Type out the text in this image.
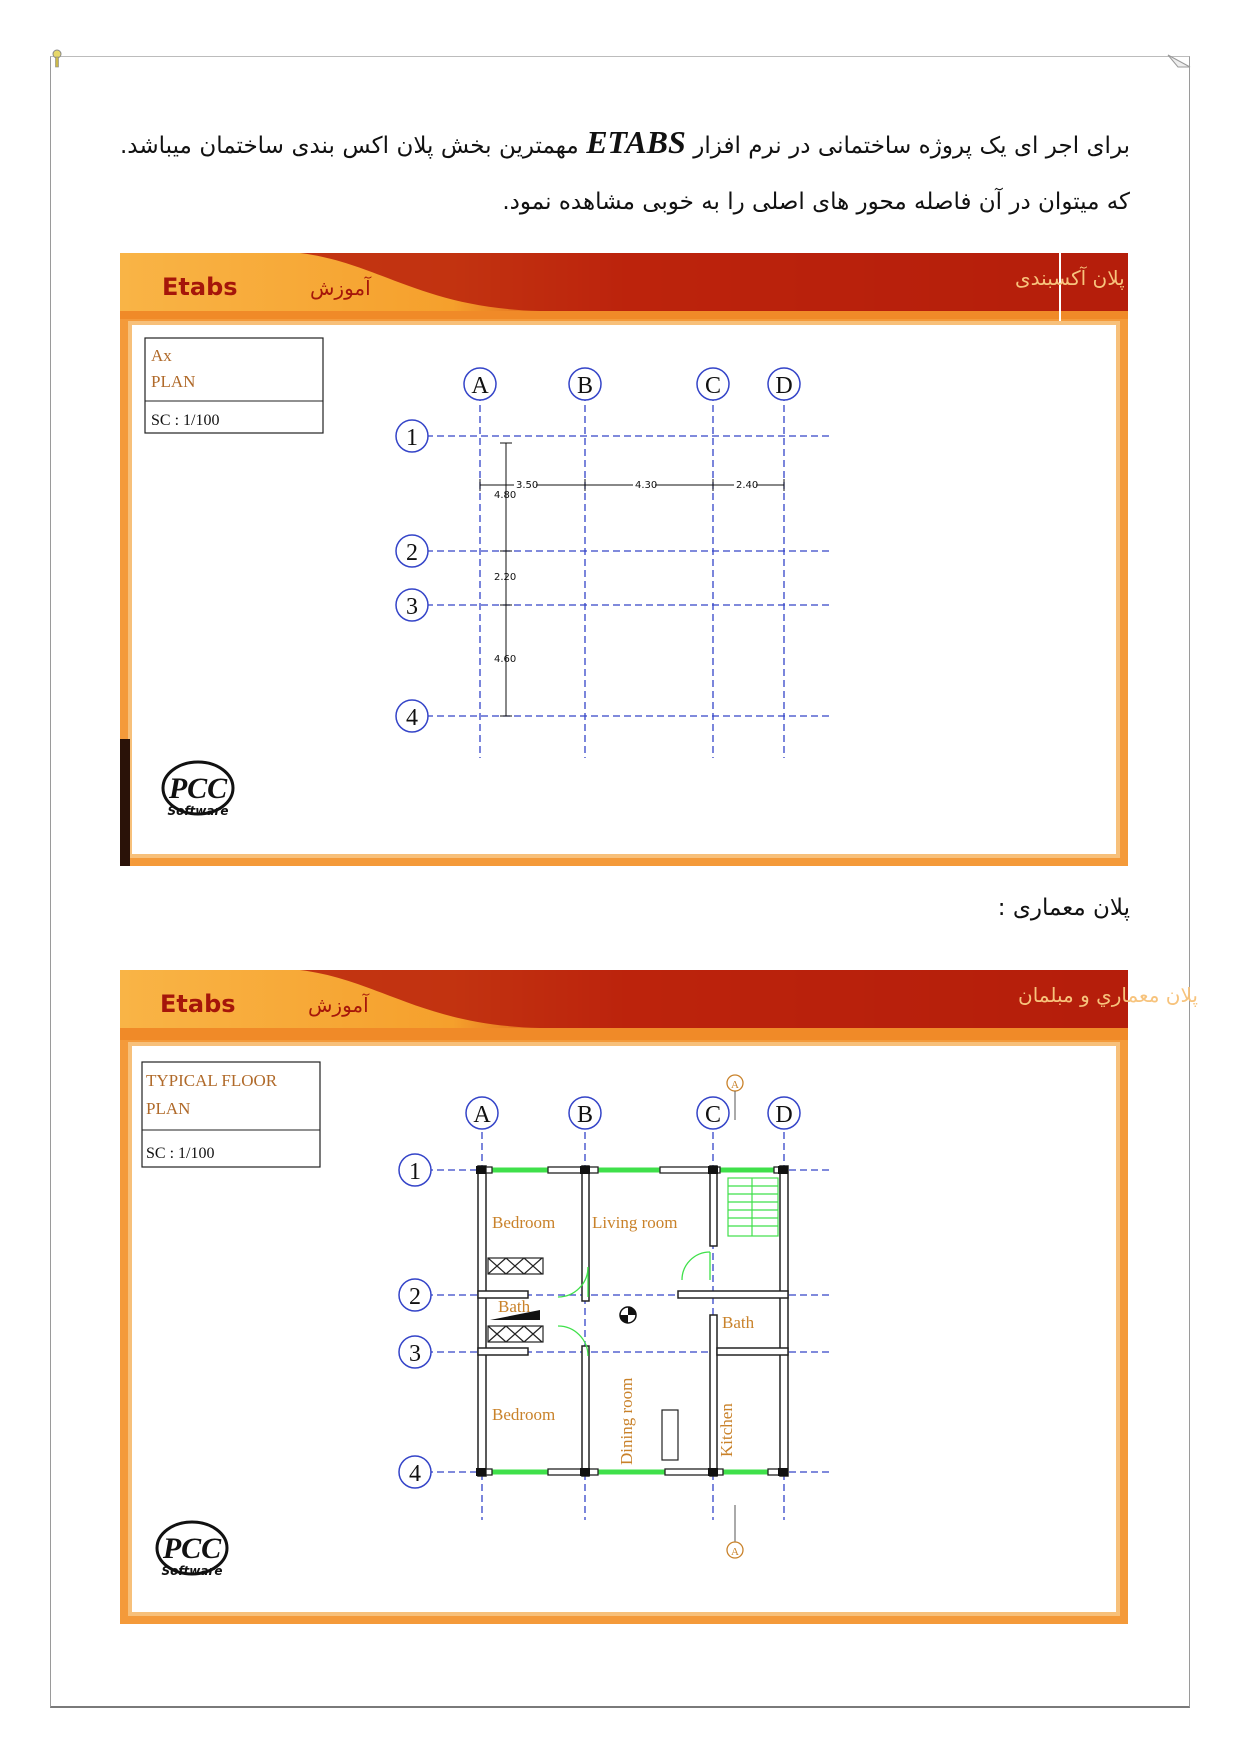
برای اجر ای یک پروژه ساختمانی در نرم افزار ETABS مهمترین بخش پلان اکس بندی ساختمان میباشد. که میتوان در آن فاصله محور های اصلی را به خوبی مشاهده نمود.
پلان معماری :
Etabs	آموزش	پلان آکسبندی
Ax
PLAN
SC : 1/100
A	B	C D
1
2
3
4
3.50	4.30	2.40
4.80
2.20
4.60
PCC
Software
Etabs	آموزش	پلان معماري و مبلمان
TYPICAL FLOOR
PLAN
SC : 1/100
Bedroom Living room
Bath
Bath
Bedroom	Dining room	Kitchen
A	B	C D
1
2
3
4
A
A
PCC
Software
